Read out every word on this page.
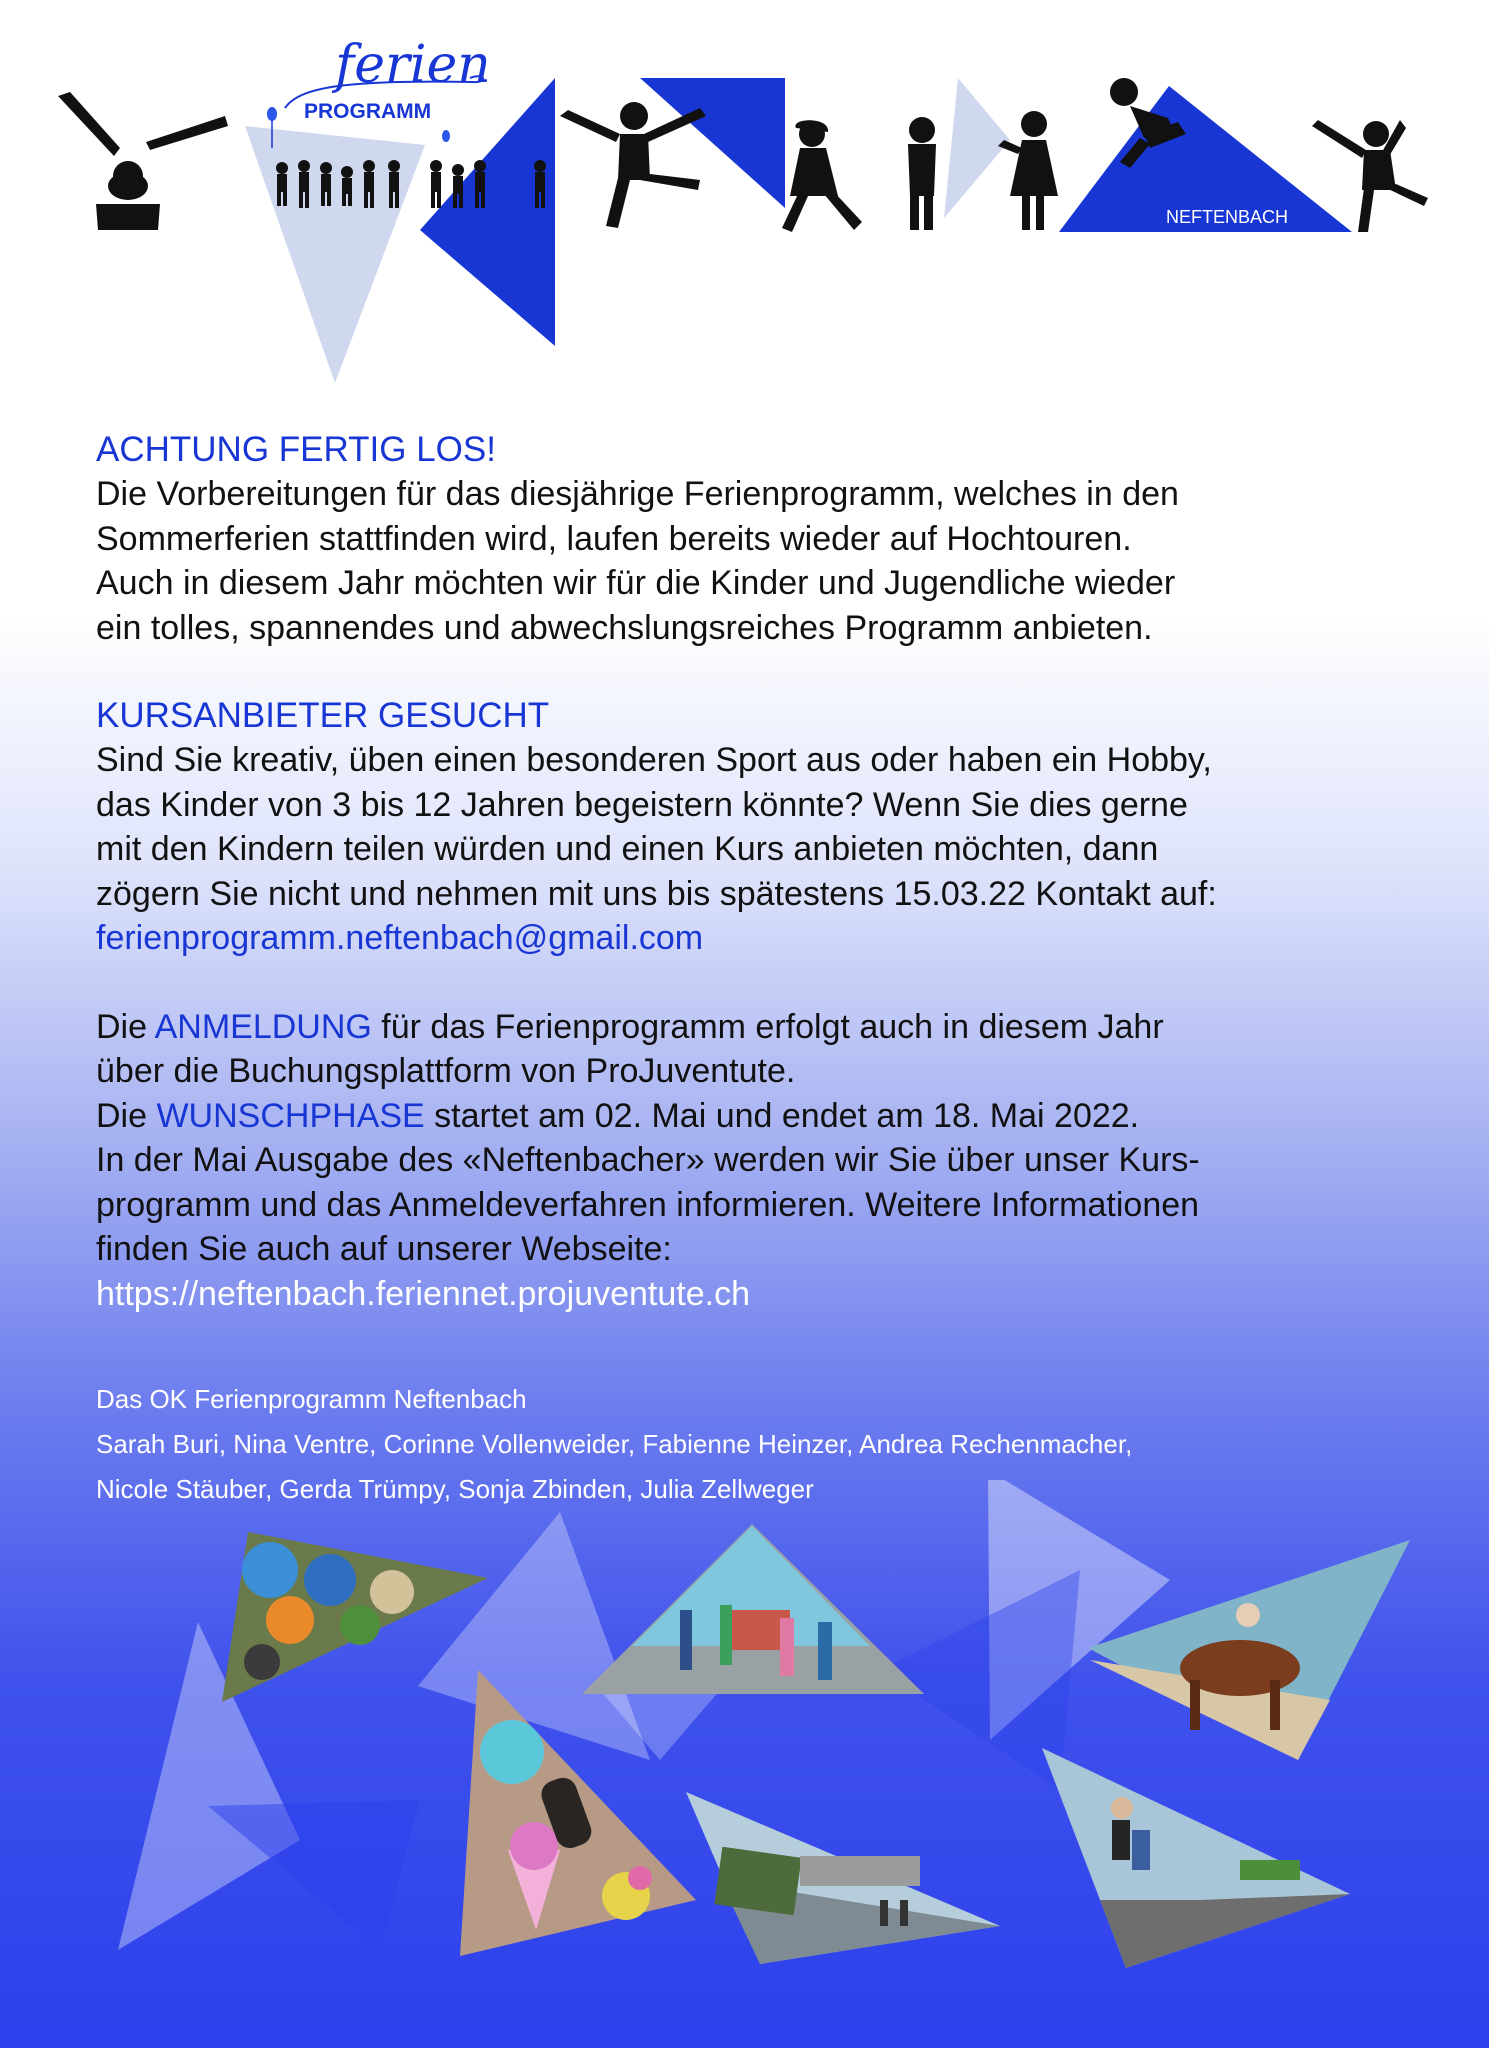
ferien
PROGRAMM
NEFTENBACH
ACHTUNG FERTIG LOS!

Die Vorbereitungen für das diesjährige Ferienprogramm, welches in den
Sommerferien stattfinden wird, laufen bereits wieder auf Hochtouren.
Auch in diesem Jahr möchten wir für die Kinder und Jugendliche wieder
ein tolles, spannendes und abwechslungsreiches Programm anbieten.

KURSANBIETER GESUCHT

Sind Sie kreativ, üben einen besonderen Sport aus oder haben ein Hobby,
das Kinder von 3 bis 12 Jahren begeistern könnte? Wenn Sie dies gerne
mit den Kindern teilen würden und einen Kurs anbieten möchten, dann
zögern Sie nicht und nehmen mit uns bis spätestens 15.03.22 Kontakt auf:

ferienprogramm.neftenbach@gmail.com
Die ANMELDUNG für das Ferienprogramm erfolgt auch in diesem Jahr
über die Buchungsplattform von ProJuventute.
Die WUNSCHPHASE startet am 02. Mai und endet am 18. Mai 2022.

In der Mai Ausgabe des «Neftenbacher» werden wir Sie über unser Kurs-
programm und das Anmeldeverfahren informieren. Weitere Informationen
finden Sie auch auf unserer Webseite:

https://neftenbach.feriennet.projuventute.ch
Das OK Ferienprogramm Neftenbach
Sarah Buri, Nina Ventre, Corinne Vollenweider, Fabienne Heinzer, Andrea Rechenmacher,
Nicole Stäuber, Gerda Trümpy, Sonja Zbinden, Julia Zellweger
